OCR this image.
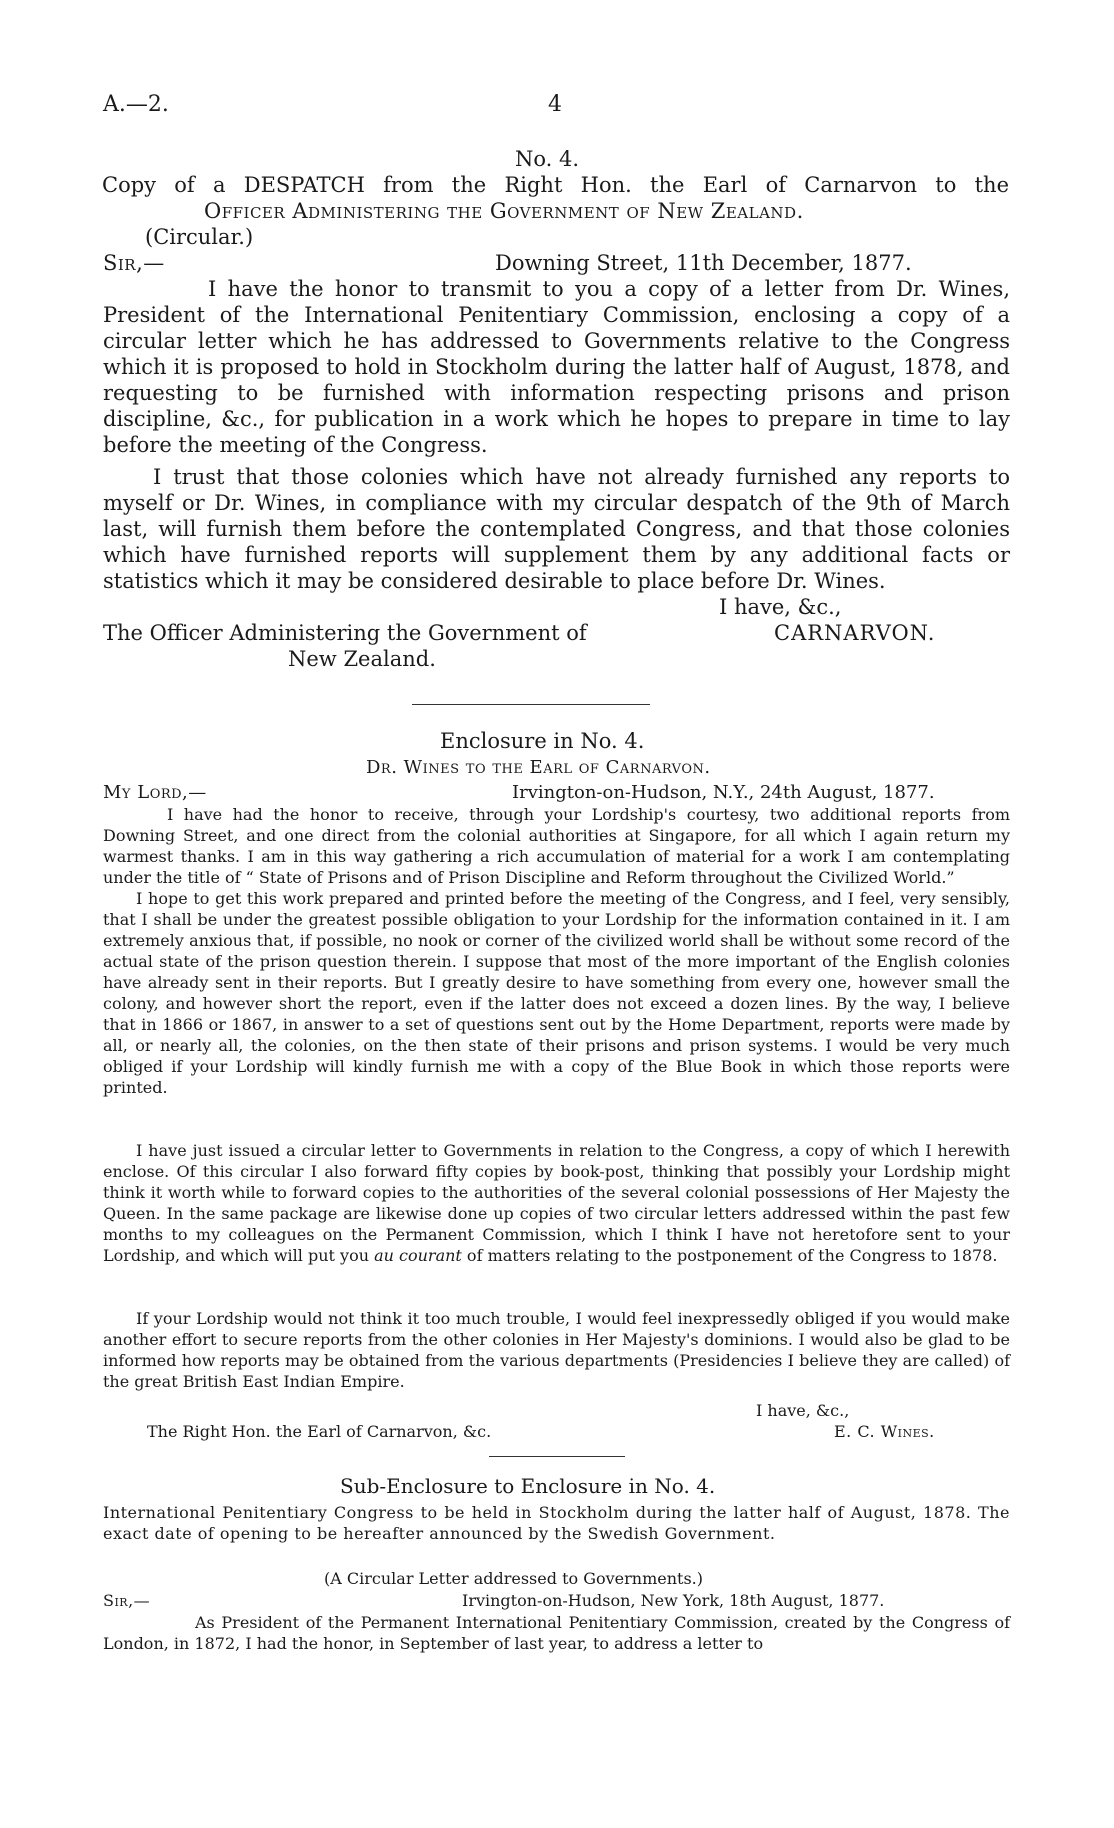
A.—2.	4
No. 4.
Copy of a DESPATCH from the Right Hon. the Earl of Carnarvon to the
Officer Administering the Government of New Zealand.
(Circular.)
Sir,—	Downing Street, 11th December, 1877.
I have the honor to transmit to you a copy of a letter from Dr. Wines, President of the International Penitentiary Commission, enclosing a copy of a circular letter which he has addressed to Governments relative to the Congress which it is proposed to hold in Stockholm during the latter half of August, 1878, and requesting to be furnished with information respecting prisons and prison discipline, &c., for publication in a work which he hopes to prepare in time to lay before the meeting of the Congress.
I trust that those colonies which have not already furnished any reports to myself or Dr. Wines, in compliance with my circular despatch of the 9th of March last, will furnish them before the contemplated Congress, and that those colonies which have furnished reports will supplement them by any additional facts or statistics which it may be considered desirable to place before Dr. Wines.
I have, &c.,
The Officer Administering the Government of	CARNARVON.
New Zealand.
Enclosure in No. 4.
Dr. Wines to the Earl of Carnarvon.
My Lord,—	Irvington-on-Hudson, N.Y., 24th August, 1877.
I have had the honor to receive, through your Lordship's courtesy, two additional reports from Downing Street, and one direct from the colonial authorities at Singapore, for all which I again return my warmest thanks. I am in this way gathering a rich accumulation of material for a work I am contemplating under the title of “ State of Prisons and of Prison Discipline and Reform throughout the Civilized World.”
I hope to get this work prepared and printed before the meeting of the Congress, and I feel, very sensibly, that I shall be under the greatest possible obligation to your Lordship for the information contained in it. I am extremely anxious that, if possible, no nook or corner of the civilized world shall be without some record of the actual state of the prison question therein. I suppose that most of the more important of the English colonies have already sent in their reports. But I greatly desire to have something from every one, however small the colony, and however short the report, even if the latter does not exceed a dozen lines. By the way, I believe that in 1866 or 1867, in answer to a set of questions sent out by the Home Department, reports were made by all, or nearly all, the colonies, on the then state of their prisons and prison systems. I would be very much obliged if your Lordship will kindly furnish me with a copy of the Blue Book in which those reports were printed.
I have just issued a circular letter to Governments in relation to the Congress, a copy of which I herewith enclose. Of this circular I also forward fifty copies by book-post, thinking that possibly your Lordship might think it worth while to forward copies to the authorities of the several colonial possessions of Her Majesty the Queen. In the same package are likewise done up copies of two circular letters addressed within the past few months to my colleagues on the Permanent Commission, which I think I have not heretofore sent to your Lordship, and which will put you au courant of matters relating to the postponement of the Congress to 1878.
If your Lordship would not think it too much trouble, I would feel inexpressedly obliged if you would make another effort to secure reports from the other colonies in Her Majesty's dominions. I would also be glad to be informed how reports may be obtained from the various departments (Presidencies I believe they are called) of the great British East Indian Empire.
I have, &c.,
The Right Hon. the Earl of Carnarvon, &c.	E. C. Wines.
Sub-Enclosure to Enclosure in No. 4.
International Penitentiary Congress to be held in Stockholm during the latter half of August, 1878. The exact date of opening to be hereafter announced by the Swedish Government.
(A Circular Letter addressed to Governments.)
Sir,—	Irvington-on-Hudson, New York, 18th August, 1877.
As President of the Permanent International Penitentiary Commission, created by the Congress of London, in 1872, I had the honor, in September of last year, to address a letter to
